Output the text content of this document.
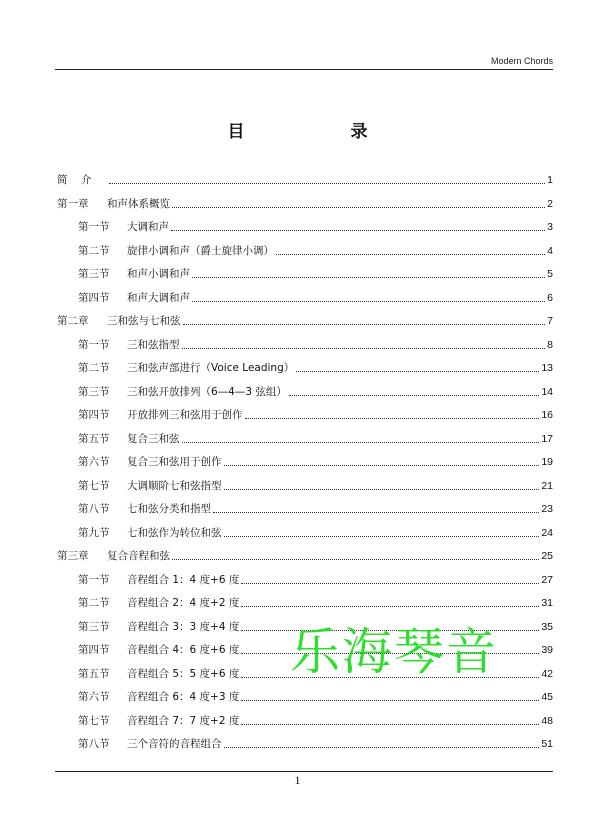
Modern Chords
目 录
简    介	1
第一章	和声体系概览	2
第一节	大调和声	3
第二节	旋律小调和声（爵士旋律小调）	4
第三节	和声小调和声	5
第四节	和声大调和声	6
第二章	三和弦与七和弦	7
第一节	三和弦指型	8
第二节	三和弦声部进行（Voice Leading）	13
第三节	三和弦开放排列（6—4—3 弦组）	14
第四节	开放排列三和弦用于创作	16
第五节	复合三和弦	17
第六节	复合三和弦用于创作	19
第七节	大调顺阶七和弦指型	21
第八节	七和弦分类和指型	23
第九节	七和弦作为转位和弦	24
第三章	复合音程和弦	25
第一节	音程组合 1：4 度+6 度	27
第二节	音程组合 2：4 度+2 度	31
第三节	音程组合 3：3 度+4 度	35
第四节	音程组合 4：6 度+6 度	39
第五节	音程组合 5：5 度+6 度	42
第六节	音程组合 6：4 度+3 度	45
第七节	音程组合 7：7 度+2 度	48
第八节	三个音符的音程组合	51
乐海琴音
1
